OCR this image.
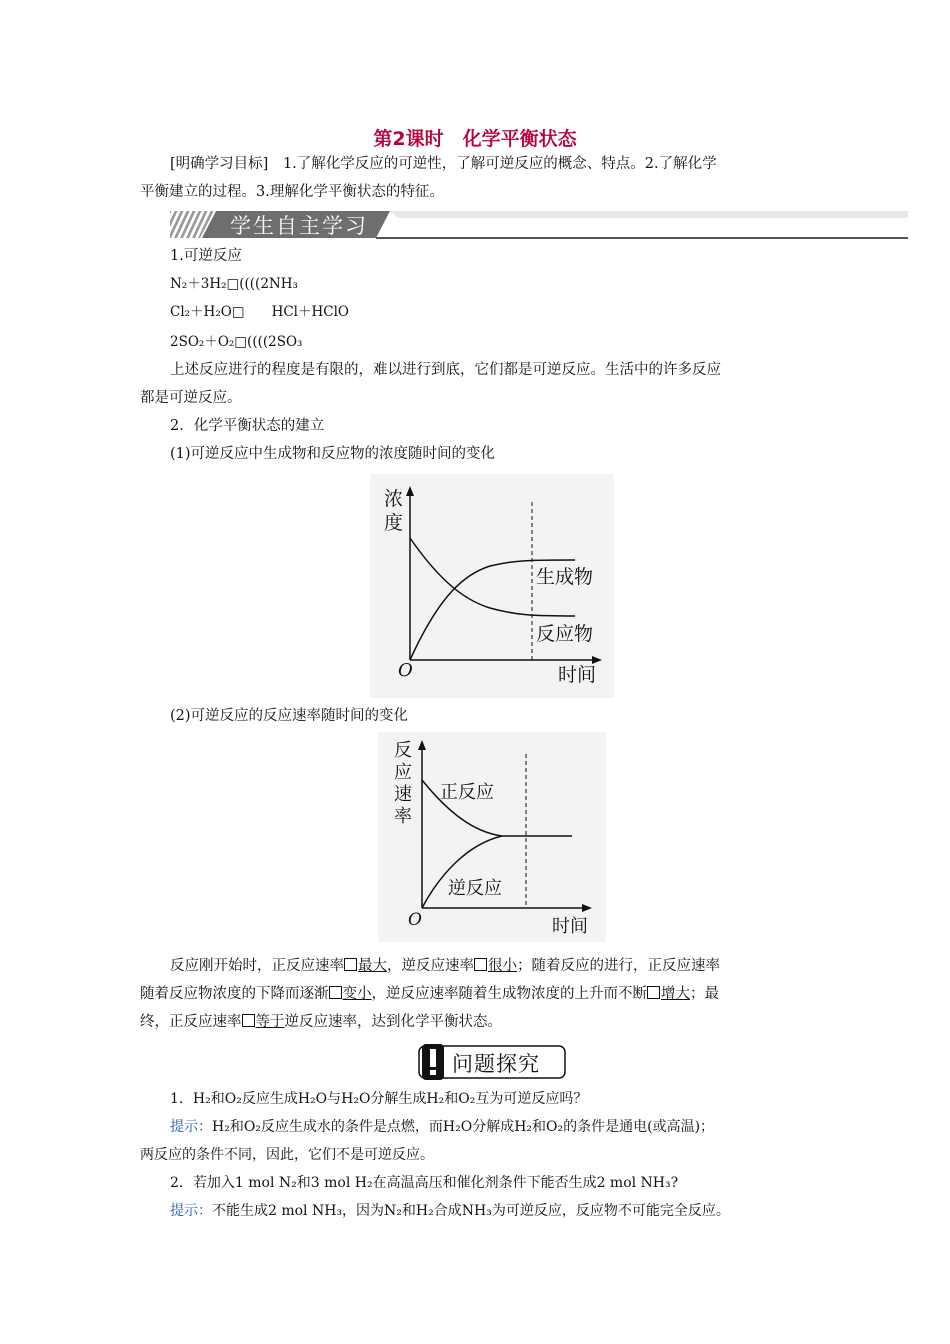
第2课时　化学平衡状态
[明确学习目标] 1.了解化学反应的可逆性，了解可逆反应的概念、特点。2.了解化学
平衡建立的过程。3.理解化学平衡状态的特征。
学生自主学习
1.可逆反应
N₂＋3H₂□((((2NH₃
Cl₂＋H₂O□　　HCl＋HClO
2SO₂＋O₂□((((2SO₃
上述反应进行的程度是有限的，难以进行到底，它们都是可逆反应。生活中的许多反应
都是可逆反应。
2．化学平衡状态的建立
(1)可逆反应中生成物和反应物的浓度随时间的变化
浓
度
生成物
反应物
O	时间
(2)可逆反应的反应速率随时间的变化
反
应
速
率
正反应
逆反应
O	时间
反应刚开始时，正反应速率 最大，逆反应速率 很小；随着反应的进行，正反应速率
随着反应物浓度的下降而逐渐 变小，逆反应速率随着生成物浓度的上升而不断 增大；最
终，正反应速率 等于逆反应速率，达到化学平衡状态。
问题探究
1．H₂和O₂反应生成H₂O与H₂O分解生成H₂和O₂互为可逆反应吗？
提示：H₂和O₂反应生成水的条件是点燃，而H₂O分解成H₂和O₂的条件是通电(或高温)；
两反应的条件不同，因此，它们不是可逆反应。
2．若加入1 mol N₂和3 mol H₂在高温高压和催化剂条件下能否生成2 mol NH₃?
提示：不能生成2 mol NH₃，因为N₂和H₂合成NH₃为可逆反应，反应物不可能完全反应。
